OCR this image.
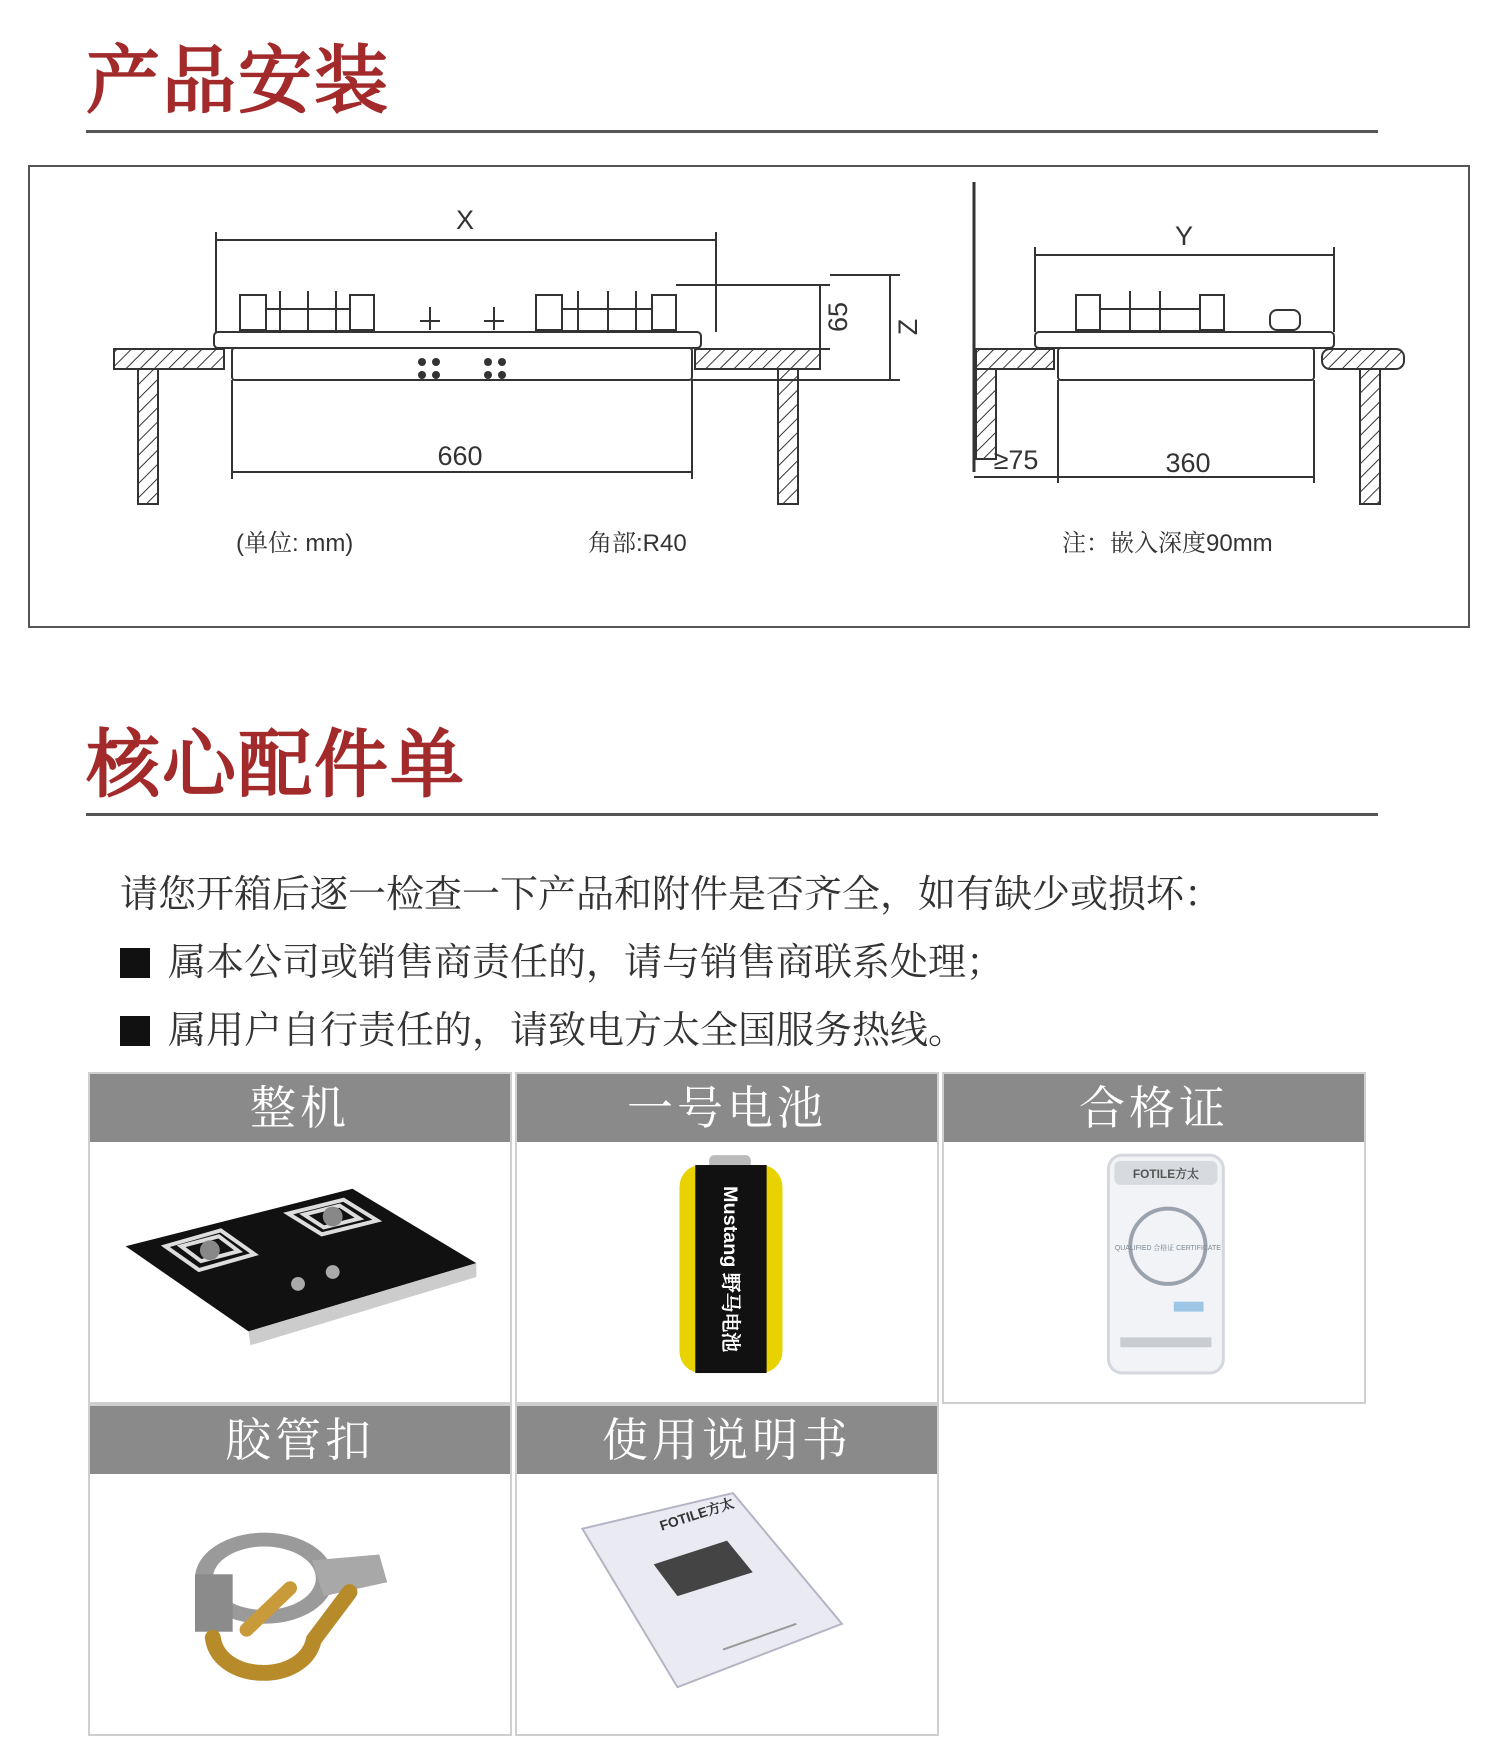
产品安装
X
660
65 Z
Y
≥75	360
(单位: mm)	角部:R40	注：嵌入深度90mm
核心配件单
请您开箱后逐一检查一下产品和附件是否齐全，如有缺少或损坏：
属本公司或销售商责任的，请与销售商联系处理；
属用户自行责任的，请致电方太全国服务热线。
整机	一号电池
Mustang 野马电池
合格证
FOTILE方太
QUALIFIED 合格证 CERTIFICATE
胶管扣	使用说明书
FOTILE方太
